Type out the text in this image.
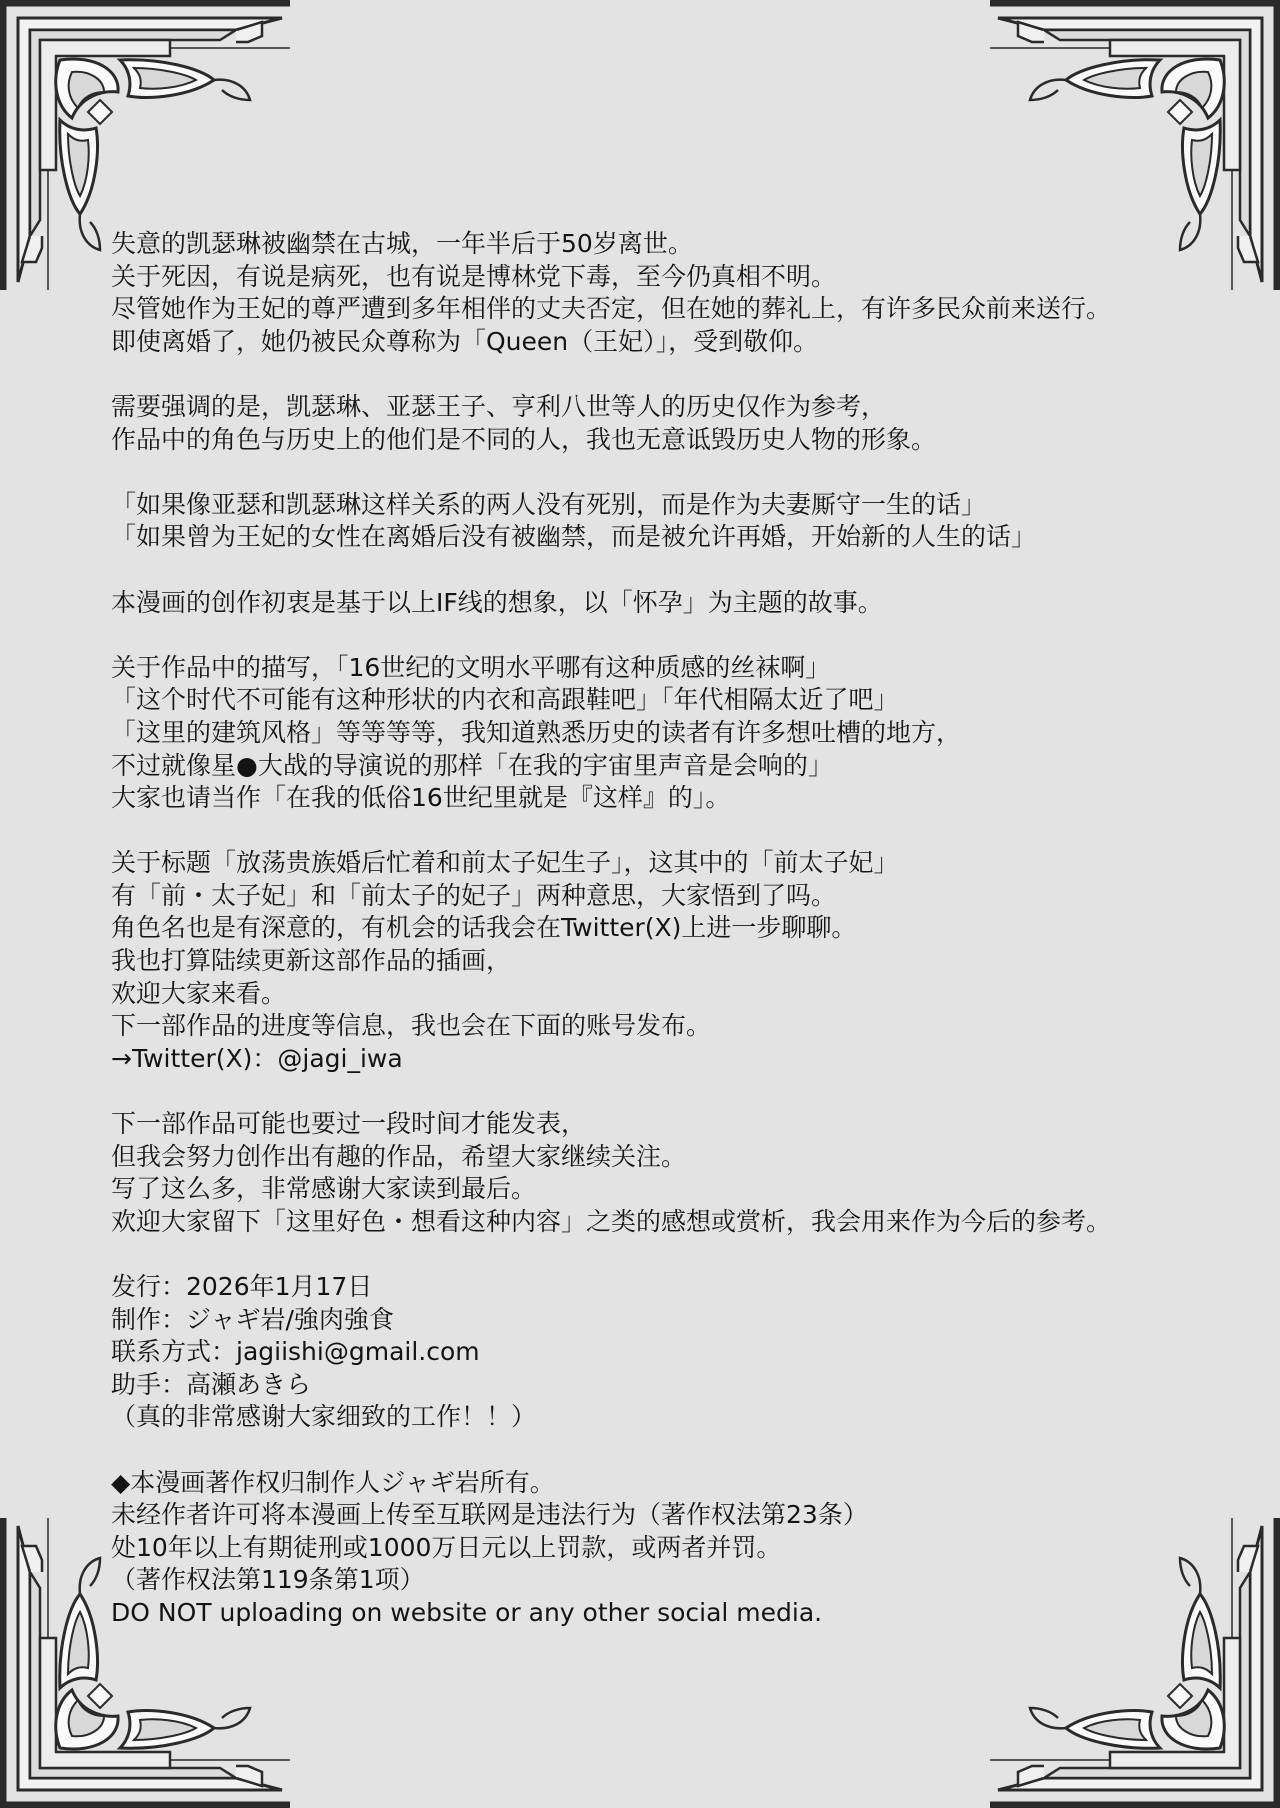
失意的凯瑟琳被幽禁在古城，一年半后于50岁离世。
关于死因，有说是病死，也有说是博林党下毒，至今仍真相不明。
尽管她作为王妃的尊严遭到多年相伴的丈夫否定，但在她的葬礼上，有许多民众前来送行。
即使离婚了，她仍被民众尊称为「Queen（王妃）」，受到敬仰。
需要强调的是，凯瑟琳、亚瑟王子、亨利八世等人的历史仅作为参考，
作品中的角色与历史上的他们是不同的人，我也无意诋毁历史人物的形象。
「如果像亚瑟和凯瑟琳这样关系的两人没有死别，而是作为夫妻厮守一生的话」
「如果曾为王妃的女性在离婚后没有被幽禁，而是被允许再婚，开始新的人生的话」
本漫画的创作初衷是基于以上IF线的想象，以「怀孕」为主题的故事。
关于作品中的描写，「16世纪的文明水平哪有这种质感的丝袜啊」
「这个时代不可能有这种形状的内衣和高跟鞋吧」「年代相隔太近了吧」
「这里的建筑风格」等等等等，我知道熟悉历史的读者有许多想吐槽的地方，
不过就像星●大战的导演说的那样「在我的宇宙里声音是会响的」
大家也请当作「在我的低俗16世纪里就是『这样』的」。
关于标题「放荡贵族婚后忙着和前太子妃生子」，这其中的「前太子妃」
有「前・太子妃」和「前太子的妃子」两种意思，大家悟到了吗。
角色名也是有深意的，有机会的话我会在Twitter(X)上进一步聊聊。
我也打算陆续更新这部作品的插画，
欢迎大家来看。
下一部作品的进度等信息，我也会在下面的账号发布。
→Twitter(X)：@jagi_iwa
下一部作品可能也要过一段时间才能发表，
但我会努力创作出有趣的作品，希望大家继续关注。
写了这么多，非常感谢大家读到最后。
欢迎大家留下「这里好色・想看这种内容」之类的感想或赏析，我会用来作为今后的参考。
发行：2026年1月17日
制作：ジャギ岩/強肉強食
联系方式：jagiishi@gmail.com
助手：高瀬あきら
（真的非常感谢大家细致的工作！！）
◆本漫画著作权归制作人ジャギ岩所有。
未经作者许可将本漫画上传至互联网是违法行为（著作权法第23条）
处10年以上有期徒刑或1000万日元以上罚款，或两者并罚。
（著作权法第119条第1项）
DO NOT uploading on website or any other social media.
